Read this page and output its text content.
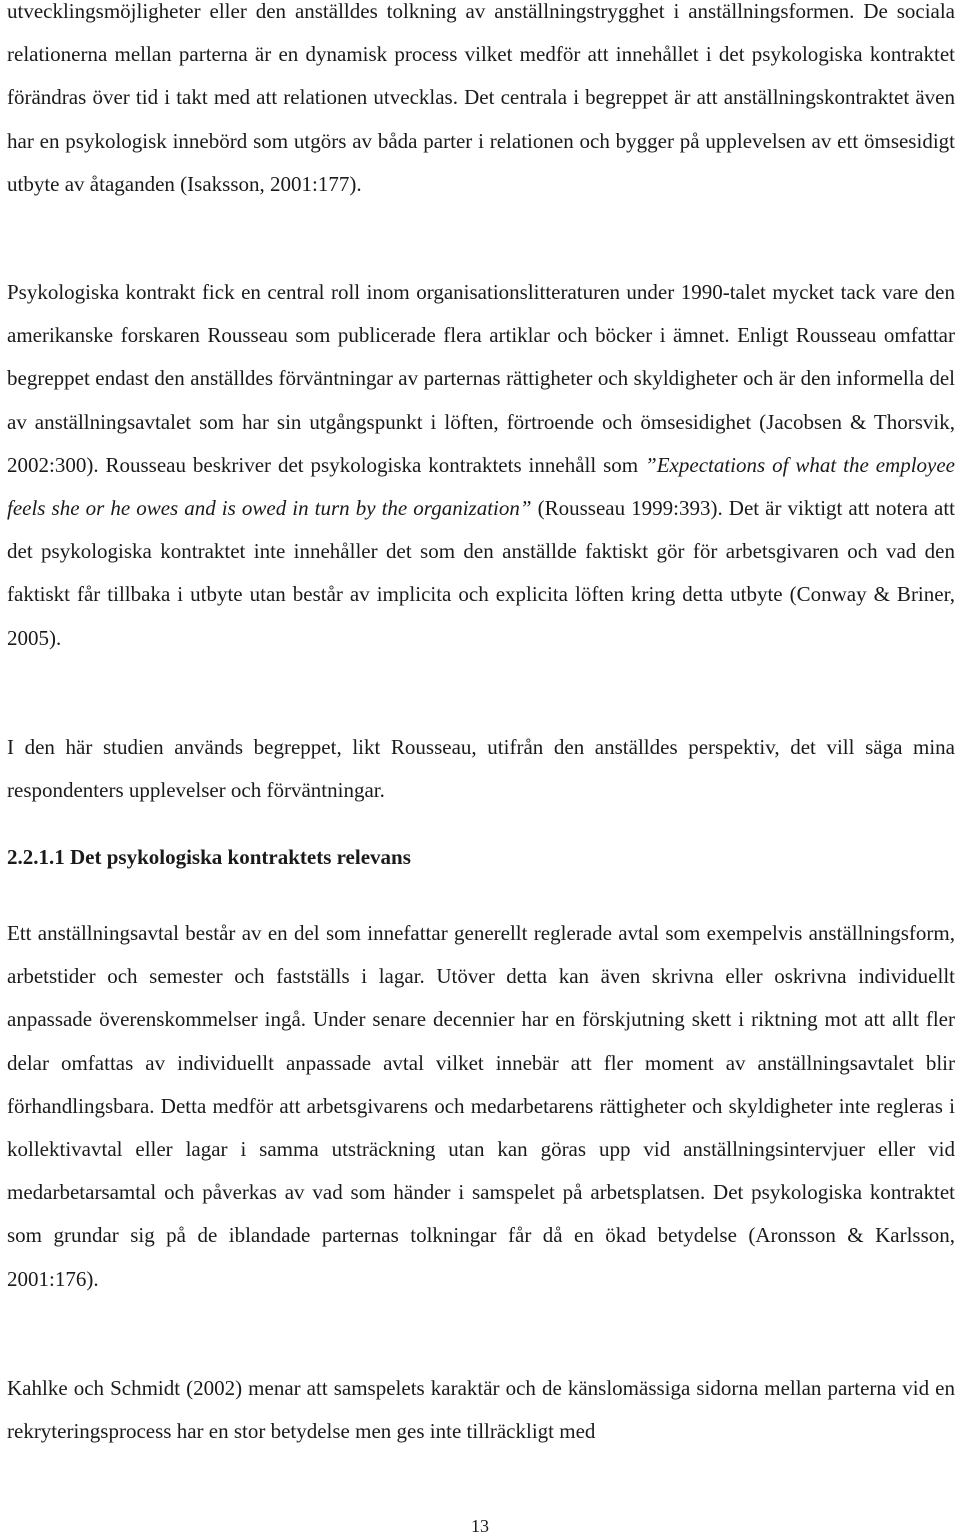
utvecklingsmöjligheter eller den anställdes tolkning av anställningstrygghet i anställningsformen. De sociala relationerna mellan parterna är en dynamisk process vilket medför att innehållet i det psykologiska kontraktet förändras över tid i takt med att relationen utvecklas. Det centrala i begreppet är att anställningskontraktet även har en psykologisk innebörd som utgörs av båda parter i relationen och bygger på upplevelsen av ett ömsesidigt utbyte av åtaganden (Isaksson, 2001:177).

Psykologiska kontrakt fick en central roll inom organisationslitteraturen under 1990-talet mycket tack vare den amerikanske forskaren Rousseau som publicerade flera artiklar och böcker i ämnet. Enligt Rousseau omfattar begreppet endast den anställdes förväntningar av parternas rättigheter och skyldigheter och är den informella del av anställningsavtalet som har sin utgångspunkt i löften, förtroende och ömsesidighet (Jacobsen & Thorsvik, 2002:300). Rousseau beskriver det psykologiska kontraktets innehåll som ”Expectations of what the employee feels she or he owes and is owed in turn by the organization” (Rousseau 1999:393). Det är viktigt att notera att det psykologiska kontraktet inte innehåller det som den anställde faktiskt gör för arbetsgivaren och vad den faktiskt får tillbaka i utbyte utan består av implicita och explicita löften kring detta utbyte (Conway & Briner, 2005).

I den här studien används begreppet, likt Rousseau, utifrån den anställdes perspektiv, det vill säga mina respondenters upplevelser och förväntningar.

2.2.1.1 Det psykologiska kontraktets relevans

Ett anställningsavtal består av en del som innefattar generellt reglerade avtal som exempelvis anställningsform, arbetstider och semester och fastställs i lagar. Utöver detta kan även skrivna eller oskrivna individuellt anpassade överenskommelser ingå. Under senare decennier har en förskjutning skett i riktning mot att allt fler delar omfattas av individuellt anpassade avtal vilket innebär att fler moment av anställningsavtalet blir förhandlingsbara. Detta medför att arbetsgivarens och medarbetarens rättigheter och skyldigheter inte regleras i kollektivavtal eller lagar i samma utsträckning utan kan göras upp vid anställningsintervjuer eller vid medarbetarsamtal och påverkas av vad som händer i samspelet på arbetsplatsen. Det psykologiska kontraktet som grundar sig på de iblandade parternas tolkningar får då en ökad betydelse (Aronsson & Karlsson, 2001:176).

Kahlke och Schmidt (2002) menar att samspelets karaktär och de känslomässiga sidorna mellan parterna vid en rekryteringsprocess har en stor betydelse men ges inte tillräckligt med

13
